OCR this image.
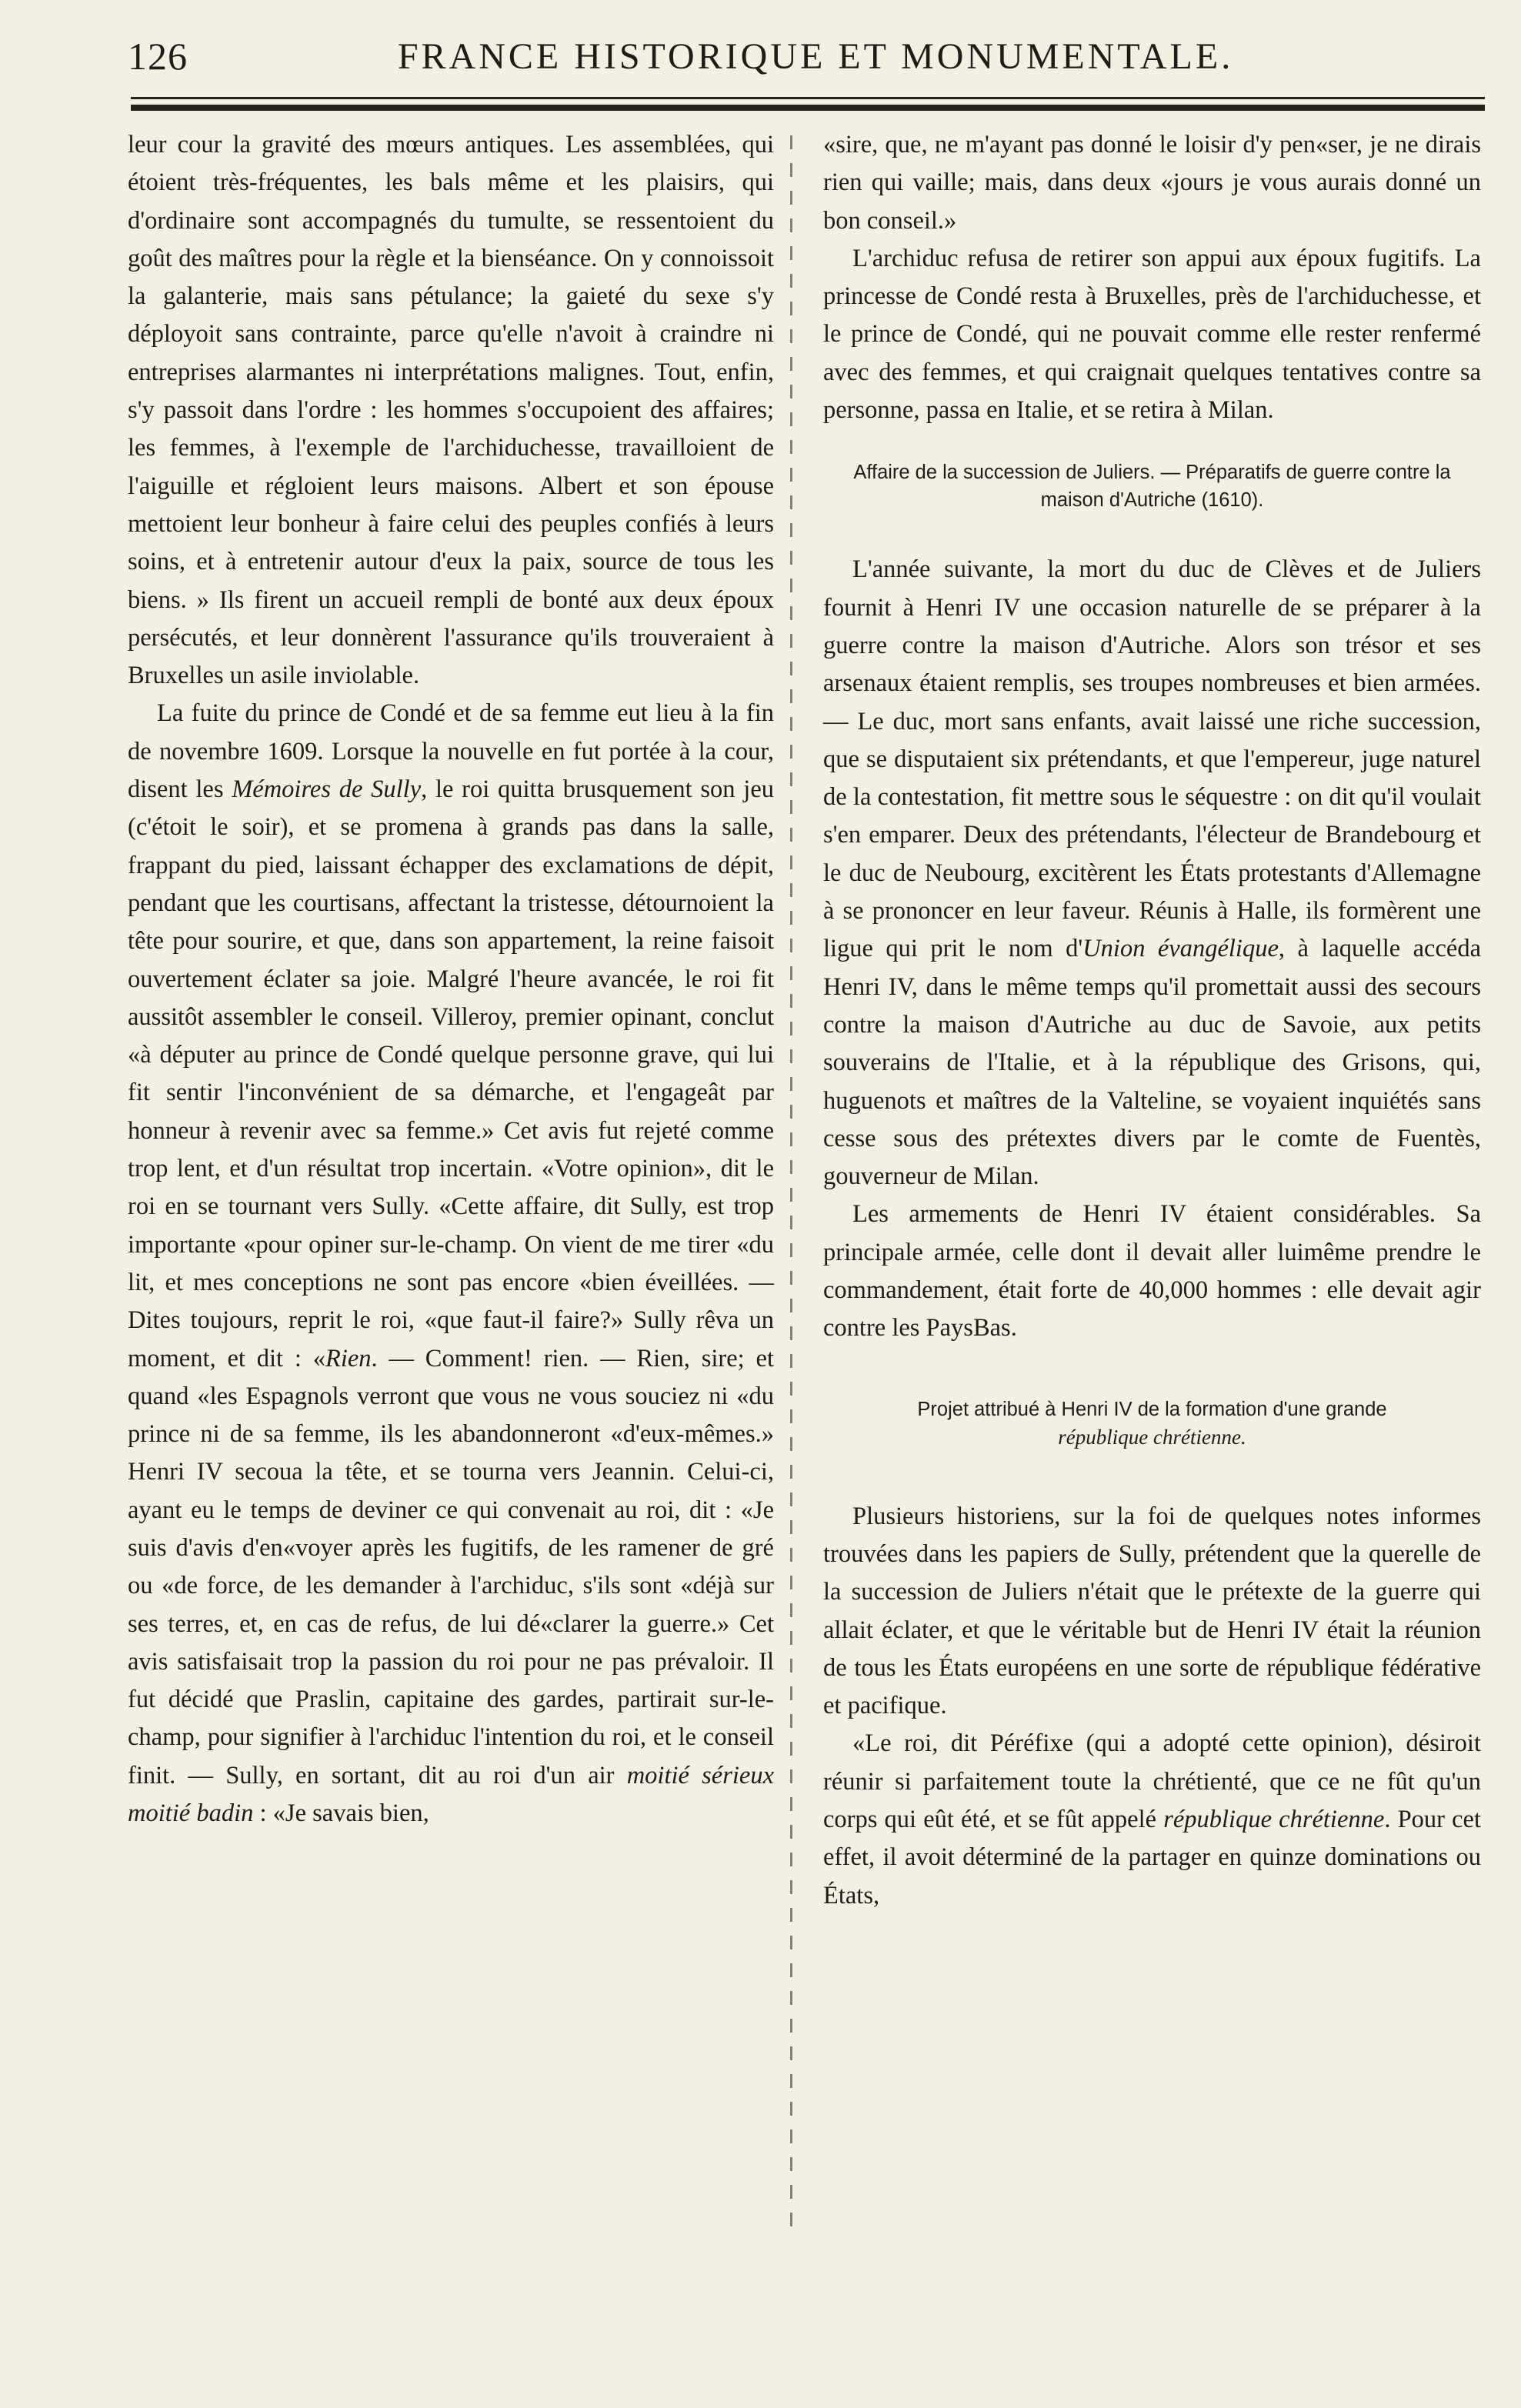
126	FRANCE HISTORIQUE ET MONUMENTALE.

leur cour la gravité des mœurs antiques. Les assemblées, qui étoient très-fréquentes, les bals même et les plaisirs, qui d'ordinaire sont accompagnés du tumulte, se ressentoient du goût des maîtres pour la règle et la bienséance. On y connoissoit la galanterie, mais sans pétulance; la gaieté du sexe s'y déployoit sans contrainte, parce qu'elle n'avoit à craindre ni entreprises alarmantes ni interprétations malignes. Tout, enfin, s'y passoit dans l'ordre : les hommes s'occupoient des affaires; les femmes, à l'exemple de l'archiduchesse, travailloient de l'aiguille et régloient leurs maisons. Albert et son épouse mettoient leur bonheur à faire celui des peuples confiés à leurs soins, et à entretenir autour d'eux la paix, source de tous les biens. » Ils firent un accueil rempli de bonté aux deux époux persécutés, et leur donnèrent l'assurance qu'ils trouveraient à Bruxelles un asile inviolable.

La fuite du prince de Condé et de sa femme eut lieu à la fin de novembre 1609. Lorsque la nouvelle en fut portée à la cour, disent les Mémoires de Sully, le roi quitta brusquement son jeu (c'étoit le soir), et se promena à grands pas dans la salle, frappant du pied, laissant échapper des exclamations de dépit, pendant que les courtisans, affectant la tristesse, détournoient la tête pour sourire, et que, dans son appartement, la reine faisoit ouvertement éclater sa joie. Malgré l'heure avancée, le roi fit aussitôt assembler le conseil. Villeroy, premier opinant, conclut «à députer au prince de Condé quelque personne grave, qui lui fit sentir l'inconvénient de sa démarche, et l'engageât par honneur à revenir avec sa femme.» Cet avis fut rejeté comme trop lent, et d'un résultat trop incertain. «Votre opinion», dit le roi en se tournant vers Sully. «Cette affaire, dit Sully, est trop importante «pour opiner sur-le-champ. On vient de me tirer «du lit, et mes conceptions ne sont pas encore «bien éveillées. — Dites toujours, reprit le roi, «que faut-il faire?» Sully rêva un moment, et dit : «Rien. — Comment! rien. — Rien, sire; et quand «les Espagnols verront que vous ne vous souciez ni «du prince ni de sa femme, ils les abandonneront «d'eux-mêmes.» Henri IV secoua la tête, et se tourna vers Jeannin. Celui-ci, ayant eu le temps de deviner ce qui convenait au roi, dit : «Je suis d'avis d'en«voyer après les fugitifs, de les ramener de gré ou «de force, de les demander à l'archiduc, s'ils sont «déjà sur ses terres, et, en cas de refus, de lui dé«clarer la guerre.» Cet avis satisfaisait trop la passion du roi pour ne pas prévaloir. Il fut décidé que Praslin, capitaine des gardes, partirait sur-le-champ, pour signifier à l'archiduc l'intention du roi, et le conseil finit. — Sully, en sortant, dit au roi d'un air moitié sérieux moitié badin : «Je savais bien,

«sire, que, ne m'ayant pas donné le loisir d'y pen«ser, je ne dirais rien qui vaille; mais, dans deux «jours je vous aurais donné un bon conseil.»

L'archiduc refusa de retirer son appui aux époux fugitifs. La princesse de Condé resta à Bruxelles, près de l'archiduchesse, et le prince de Condé, qui ne pouvait comme elle rester renfermé avec des femmes, et qui craignait quelques tentatives contre sa personne, passa en Italie, et se retira à Milan.

Affaire de la succession de Juliers. — Préparatifs de guerre contre la maison d'Autriche (1610).

L'année suivante, la mort du duc de Clèves et de Juliers fournit à Henri IV une occasion naturelle de se préparer à la guerre contre la maison d'Autriche. Alors son trésor et ses arsenaux étaient remplis, ses troupes nombreuses et bien armées. — Le duc, mort sans enfants, avait laissé une riche succession, que se disputaient six prétendants, et que l'empereur, juge naturel de la contestation, fit mettre sous le séquestre : on dit qu'il voulait s'en emparer. Deux des prétendants, l'électeur de Brandebourg et le duc de Neubourg, excitèrent les États protestants d'Allemagne à se prononcer en leur faveur. Réunis à Halle, ils formèrent une ligue qui prit le nom d'Union évangélique, à laquelle accéda Henri IV, dans le même temps qu'il promettait aussi des secours contre la maison d'Autriche au duc de Savoie, aux petits souverains de l'Italie, et à la république des Grisons, qui, huguenots et maîtres de la Valteline, se voyaient inquiétés sans cesse sous des prétextes divers par le comte de Fuentès, gouverneur de Milan.

Les armements de Henri IV étaient considérables. Sa principale armée, celle dont il devait aller luimême prendre le commandement, était forte de 40,000 hommes : elle devait agir contre les PaysBas.

Projet attribué à Henri IV de la formation d'une grande

république chrétienne.

Plusieurs historiens, sur la foi de quelques notes informes trouvées dans les papiers de Sully, prétendent que la querelle de la succession de Juliers n'était que le prétexte de la guerre qui allait éclater, et que le véritable but de Henri IV était la réunion de tous les États européens en une sorte de république fédérative et pacifique.

«Le roi, dit Péréfixe (qui a adopté cette opinion), désiroit réunir si parfaitement toute la chrétienté, que ce ne fût qu'un corps qui eût été, et se fût appelé république chrétienne. Pour cet effet, il avoit déterminé de la partager en quinze dominations ou États,
